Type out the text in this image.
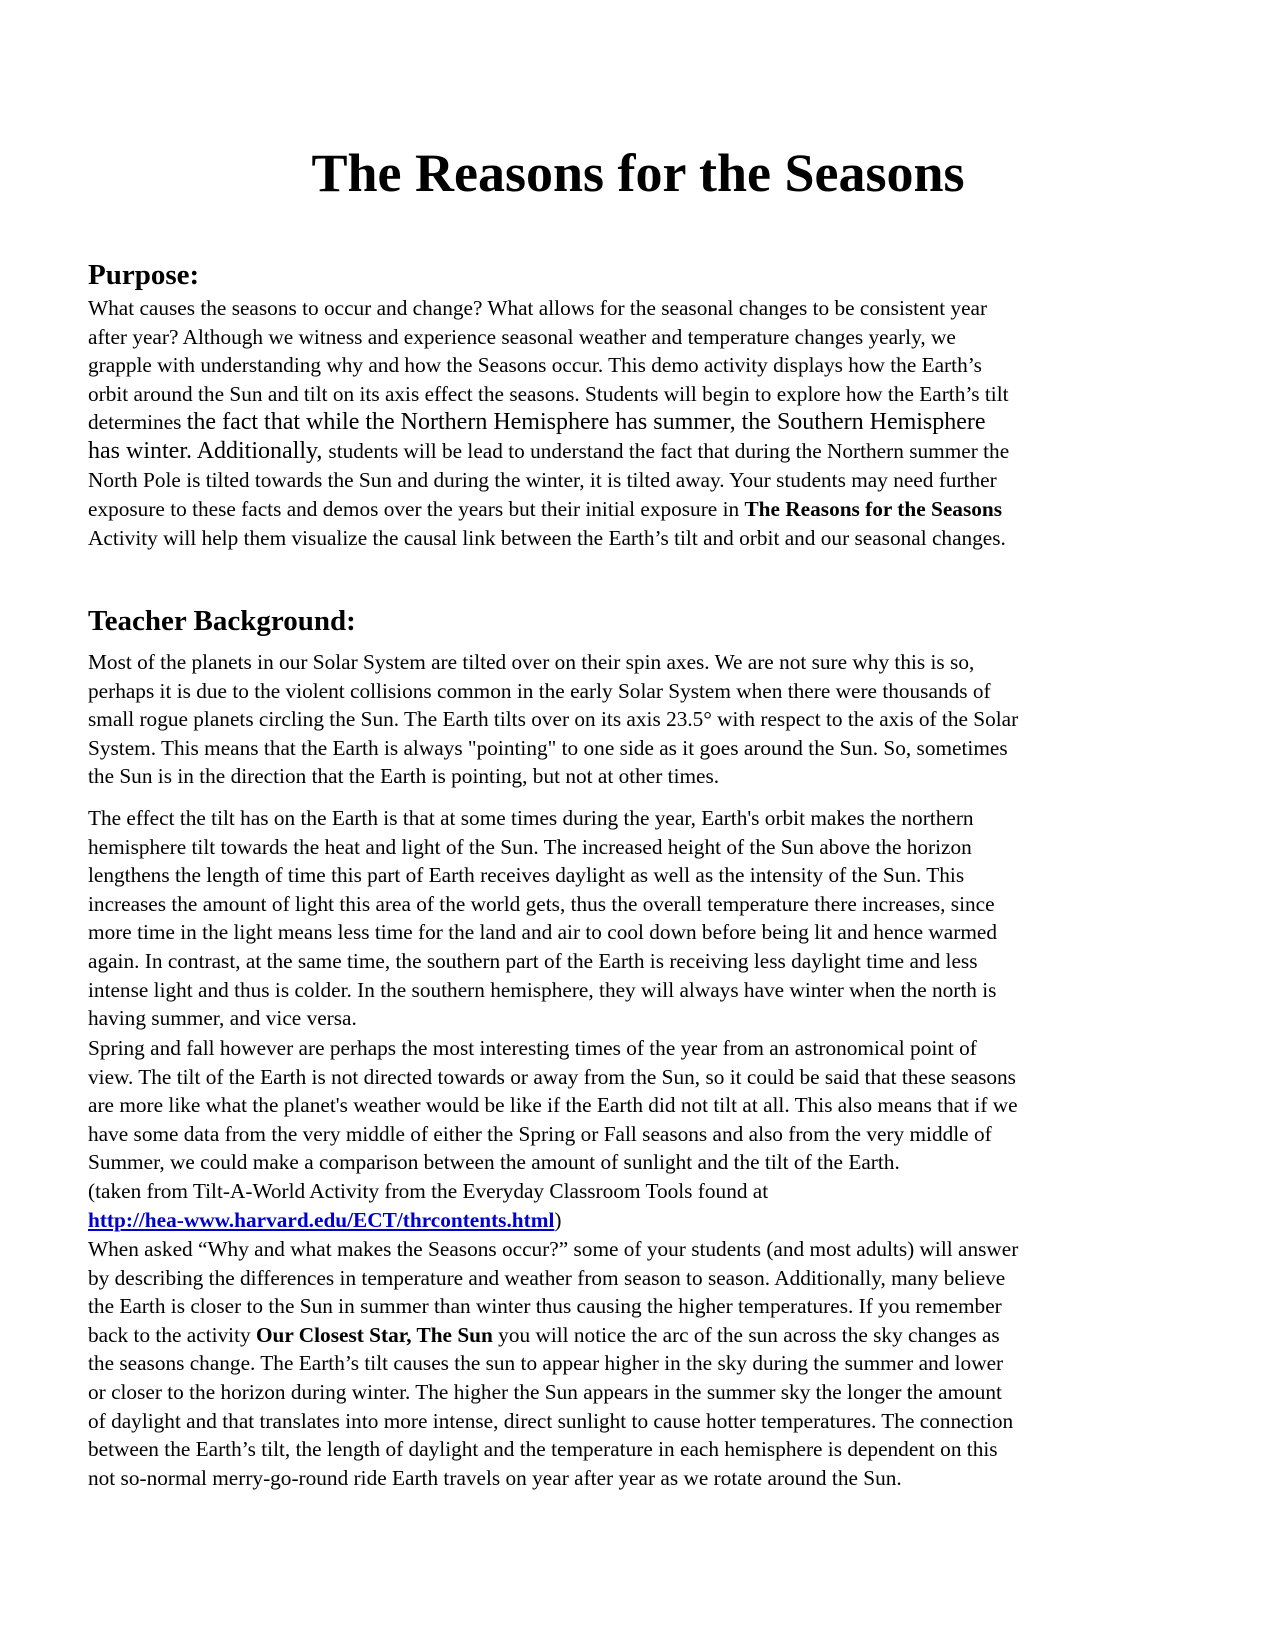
The Reasons for the Seasons
Purpose:
What causes the seasons to occur and change? What allows for the seasonal changes to be consistent year
after year? Although we witness and experience seasonal weather and temperature changes yearly, we
grapple with understanding why and how the Seasons occur. This demo activity displays how the Earth’s
orbit around the Sun and tilt on its axis effect the seasons. Students will begin to explore how the Earth’s tilt
determines the fact that while the Northern Hemisphere has summer, the Southern Hemisphere
has winter. Additionally, students will be lead to understand the fact that during the Northern summer the
North Pole is tilted towards the Sun and during the winter, it is tilted away. Your students may need further
exposure to these facts and demos over the years but their initial exposure in The Reasons for the Seasons
Activity will help them visualize the causal link between the Earth’s tilt and orbit and our seasonal changes.
Teacher Background:
Most of the planets in our Solar System are tilted over on their spin axes. We are not sure why this is so,
perhaps it is due to the violent collisions common in the early Solar System when there were thousands of
small rogue planets circling the Sun. The Earth tilts over on its axis 23.5° with respect to the axis of the Solar
System. This means that the Earth is always "pointing" to one side as it goes around the Sun. So, sometimes
the Sun is in the direction that the Earth is pointing, but not at other times.
The effect the tilt has on the Earth is that at some times during the year, Earth's orbit makes the northern
hemisphere tilt towards the heat and light of the Sun. The increased height of the Sun above the horizon
lengthens the length of time this part of Earth receives daylight as well as the intensity of the Sun. This
increases the amount of light this area of the world gets, thus the overall temperature there increases, since
more time in the light means less time for the land and air to cool down before being lit and hence warmed
again. In contrast, at the same time, the southern part of the Earth is receiving less daylight time and less
intense light and thus is colder. In the southern hemisphere, they will always have winter when the north is
having summer, and vice versa.
Spring and fall however are perhaps the most interesting times of the year from an astronomical point of
view. The tilt of the Earth is not directed towards or away from the Sun, so it could be said that these seasons
are more like what the planet's weather would be like if the Earth did not tilt at all. This also means that if we
have some data from the very middle of either the Spring or Fall seasons and also from the very middle of
Summer, we could make a comparison between the amount of sunlight and the tilt of the Earth.
(taken from Tilt-A-World Activity from the Everyday Classroom Tools found at
http://hea-www.harvard.edu/ECT/thrcontents.html)
When asked “Why and what makes the Seasons occur?” some of your students (and most adults) will answer
by describing the differences in temperature and weather from season to season. Additionally, many believe
the Earth is closer to the Sun in summer than winter thus causing the higher temperatures. If you remember
back to the activity Our Closest Star, The Sun you will notice the arc of the sun across the sky changes as
the seasons change. The Earth’s tilt causes the sun to appear higher in the sky during the summer and lower
or closer to the horizon during winter. The higher the Sun appears in the summer sky the longer the amount
of daylight and that translates into more intense, direct sunlight to cause hotter temperatures. The connection
between the Earth’s tilt, the length of daylight and the temperature in each hemisphere is dependent on this
not so-normal merry-go-round ride Earth travels on year after year as we rotate around the Sun.
